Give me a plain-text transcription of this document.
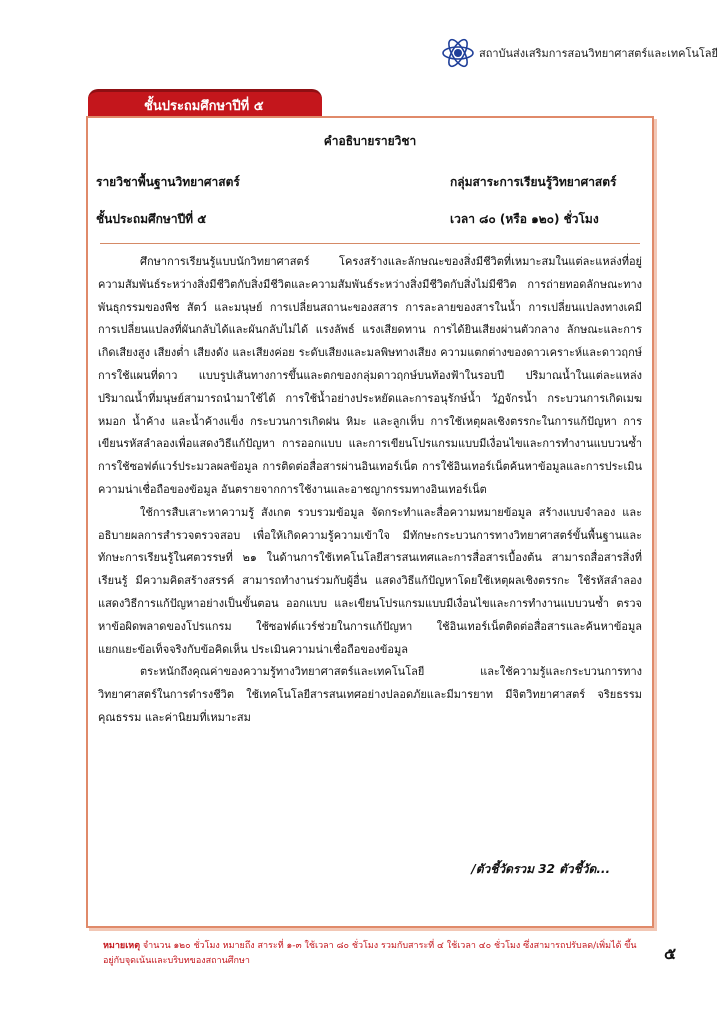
สถาบันส่งเสริมการสอนวิทยาศาสตร์และเทคโนโลยี
ชั้นประถมศึกษาปีที่ ๕
คำอธิบายรายวิชา
รายวิชาพื้นฐานวิทยาศาสตร์	กลุ่มสาระการเรียนรู้วิทยาศาสตร์
ชั้นประถมศึกษาปีที่ ๕	เวลา ๘๐ (หรือ ๑๒๐) ชั่วโมง

ศึกษาการเรียนรู้แบบนักวิทยาศาสตร์ โครงสร้างและลักษณะของสิ่งมีชีวิตที่เหมาะสมในแต่ละแหล่งที่อยู่ ความสัมพันธ์ระหว่างสิ่งมีชีวิตกับสิ่งมีชีวิตและความสัมพันธ์ระหว่างสิ่งมีชีวิตกับสิ่งไม่มีชีวิต การถ่ายทอดลักษณะทางพันธุกรรมของพืช สัตว์ และมนุษย์ การเปลี่ยนสถานะของสสาร การละลายของสารในน้ำ การเปลี่ยนแปลงทางเคมี การเปลี่ยนแปลงที่ผันกลับได้และผันกลับไม่ได้ แรงลัพธ์ แรงเสียดทาน การได้ยินเสียงผ่านตัวกลาง ลักษณะและการเกิดเสียงสูง เสียงต่ำ เสียงดัง และเสียงค่อย ระดับเสียงและมลพิษทางเสียง ความแตกต่างของดาวเคราะห์และดาวฤกษ์ การใช้แผนที่ดาว แบบรูปเส้นทางการขึ้นและตกของกลุ่มดาวฤกษ์บนท้องฟ้าในรอบปี ปริมาณน้ำในแต่ละแหล่ง ปริมาณน้ำที่มนุษย์สามารถนำมาใช้ได้ การใช้น้ำอย่างประหยัดและการอนุรักษ์น้ำ วัฏจักรน้ำ กระบวนการเกิดเมฆ หมอก น้ำค้าง และน้ำค้างแข็ง กระบวนการเกิดฝน หิมะ และลูกเห็บ การใช้เหตุผลเชิงตรรกะในการแก้ปัญหา การเขียนรหัสลำลองเพื่อแสดงวิธีแก้ปัญหา การออกแบบ และการเขียนโปรแกรมแบบมีเงื่อนไขและการทำงานแบบวนซ้ำ การใช้ซอฟต์แวร์ประมวลผลข้อมูล การติดต่อสื่อสารผ่านอินเทอร์เน็ต การใช้อินเทอร์เน็ตค้นหาข้อมูลและการประเมินความน่าเชื่อถือของข้อมูล อันตรายจากการใช้งานและอาชญากรรมทางอินเทอร์เน็ต

ใช้การสืบเสาะหาความรู้ สังเกต รวบรวมข้อมูล จัดกระทำและสื่อความหมายข้อมูล สร้างแบบจำลอง และอธิบายผลการสำรวจตรวจสอบ เพื่อให้เกิดความรู้ความเข้าใจ มีทักษะกระบวนการทางวิทยาศาสตร์ขั้นพื้นฐานและทักษะการเรียนรู้ในศตวรรษที่ ๒๑ ในด้านการใช้เทคโนโลยีสารสนเทศและการสื่อสารเบื้องต้น สามารถสื่อสารสิ่งที่เรียนรู้ มีความคิดสร้างสรรค์ สามารถทำงานร่วมกับผู้อื่น แสดงวิธีแก้ปัญหาโดยใช้เหตุผลเชิงตรรกะ ใช้รหัสลำลองแสดงวิธีการแก้ปัญหาอย่างเป็นขั้นตอน ออกแบบ และเขียนโปรแกรมแบบมีเงื่อนไขและการทำงานแบบวนซ้ำ ตรวจหาข้อผิดพลาดของโปรแกรม ใช้ซอฟต์แวร์ช่วยในการแก้ปัญหา ใช้อินเทอร์เน็ตติดต่อสื่อสารและค้นหาข้อมูล แยกแยะข้อเท็จจริงกับข้อคิดเห็น ประเมินความน่าเชื่อถือของข้อมูล

ตระหนักถึงคุณค่าของความรู้ทางวิทยาศาสตร์และเทคโนโลยี และใช้ความรู้และกระบวนการทางวิทยาศาสตร์ในการดำรงชีวิต ใช้เทคโนโลยีสารสนเทศอย่างปลอดภัยและมีมารยาท มีจิตวิทยาศาสตร์ จริยธรรม คุณธรรม และค่านิยมที่เหมาะสม

/ตัวชี้วัดรวม 32 ตัวชี้วัด...
หมายเหตุ จำนวน ๑๒๐ ชั่วโมง หมายถึง สาระที่ ๑-๓ ใช้เวลา ๘๐ ชั่วโมง รวมกับสาระที่ ๔ ใช้เวลา ๔๐ ชั่วโมง ซึ่งสามารถปรับลด/เพิ่มได้ ขึ้นอยู่กับจุดเน้นและบริบทของสถานศึกษา	๕
